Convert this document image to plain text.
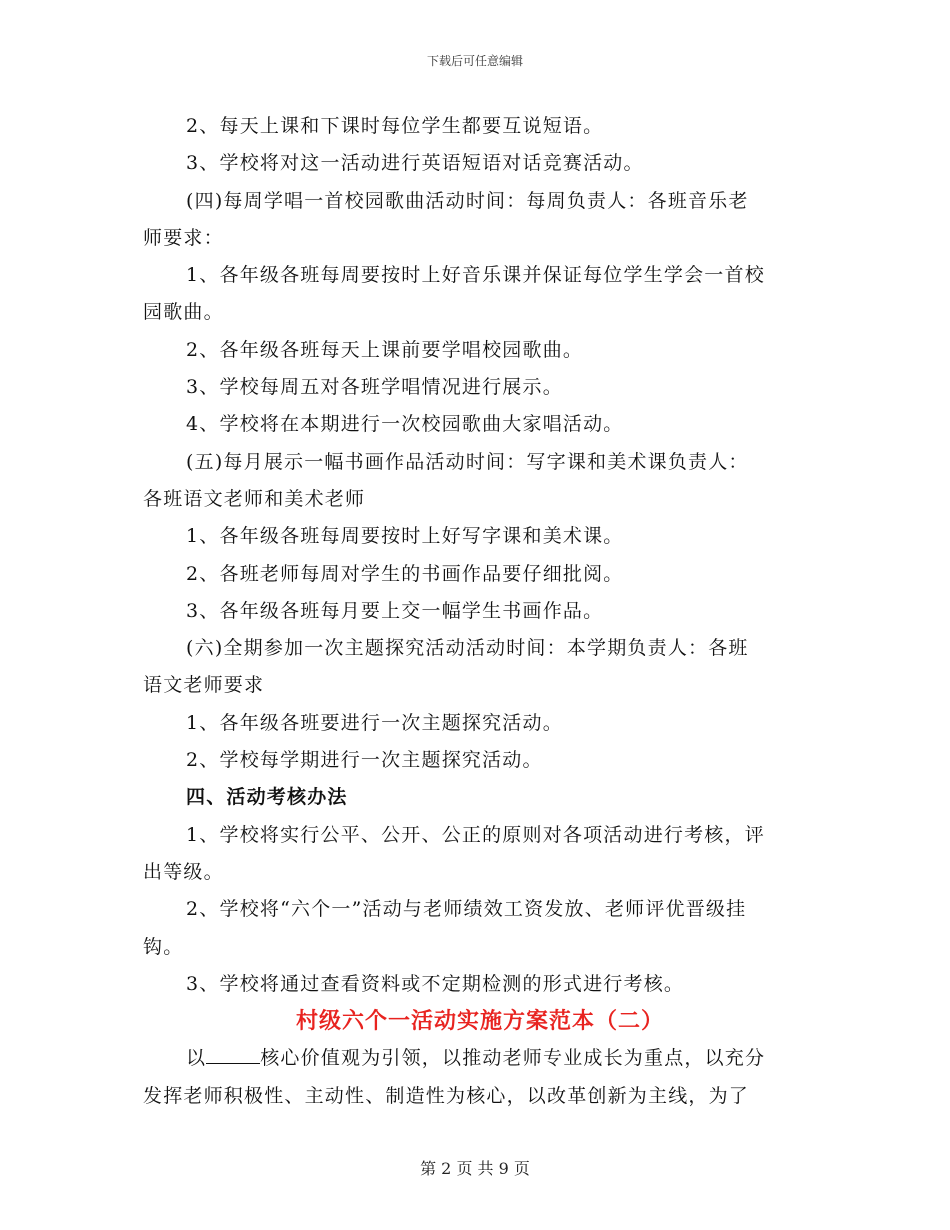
下载后可任意编辑
2、每天上课和下课时每位学生都要互说短语。
3、学校将对这一活动进行英语短语对话竞赛活动。
(四)每周学唱一首校园歌曲活动时间：每周负责人：各班音乐老
师要求：
1、各年级各班每周要按时上好音乐课并保证每位学生学会一首校
园歌曲。
2、各年级各班每天上课前要学唱校园歌曲。
3、学校每周五对各班学唱情况进行展示。
4、学校将在本期进行一次校园歌曲大家唱活动。
(五)每月展示一幅书画作品活动时间：写字课和美术课负责人：
各班语文老师和美术老师
1、各年级各班每周要按时上好写字课和美术课。
2、各班老师每周对学生的书画作品要仔细批阅。
3、各年级各班每月要上交一幅学生书画作品。
(六)全期参加一次主题探究活动活动时间：本学期负责人：各班
语文老师要求
1、各年级各班要进行一次主题探究活动。
2、学校每学期进行一次主题探究活动。
四、活动考核办法
1、学校将实行公平、公开、公正的原则对各项活动进行考核，评
出等级。
2、学校将“六个一”活动与老师绩效工资发放、老师评优晋级挂
钩。
3、学校将通过查看资料或不定期检测的形式进行考核。
村级六个一活动实施方案范本（二）
以	核心价值观为引领，以推动老师专业成长为重点，以充分
发挥老师积极性、主动性、制造性为核心，以改革创新为主线，为了
第 2 页 共 9 页
